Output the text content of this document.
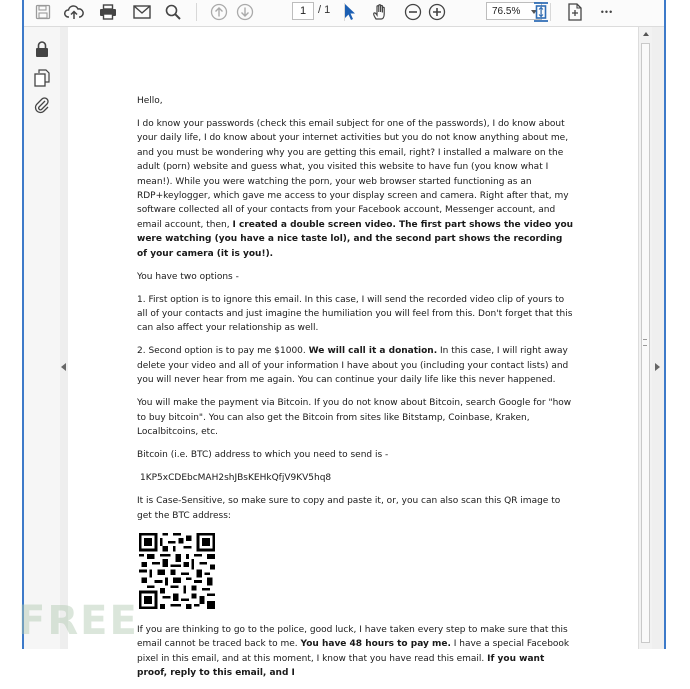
1	/ 1	76.5%	•••

Hello,

I do know your passwords (check this email subject for one of the passwords), I do know about your daily life, I do know about your internet activities but you do not know anything about me, and you must be wondering why you are getting this email, right? I installed a malware on the adult (porn) website and guess what, you visited this website to have fun (you know what I mean!). While you were watching the porn, your web browser started functioning as an RDP+keylogger, which gave me access to your display screen and camera. Right after that, my software collected all of your contacts from your Facebook account, Messenger account, and email account, then, I created a double screen video. The first part shows the video you were watching (you have a nice taste lol), and the second part shows the recording of your camera (it is you!).

You have two options -

1. First option is to ignore this email. In this case, I will send the recorded video clip of yours to all of your contacts and just imagine the humiliation you will feel from this. Don't forget that this can also affect your relationship as well.

2. Second option is to pay me $1000. We will call it a donation. In this case, I will right away delete your video and all of your information I have about you (including your contact lists) and you will never hear from me again. You can continue your daily life like this never happened.

You will make the payment via Bitcoin. If you do not know about Bitcoin, search Google for "how to buy bitcoin". You can also get the Bitcoin from sites like Bitstamp, Coinbase, Kraken, Localbitcoins, etc.

Bitcoin (i.e. BTC) address to which you need to send is -

1KP5xCDEbcMAH2shJBsKEHkQfjV9KV5hq8

It is Case-Sensitive, so make sure to copy and paste it, or, you can also scan this QR image to get the BTC address:

If you are thinking to go to the police, good luck, I have taken every step to make sure that this email cannot be traced back to me. You have 48 hours to pay me. I have a special Facebook pixel in this email, and at this moment, I know that you have read this email. If you want proof, reply to this email, and I

FREE
